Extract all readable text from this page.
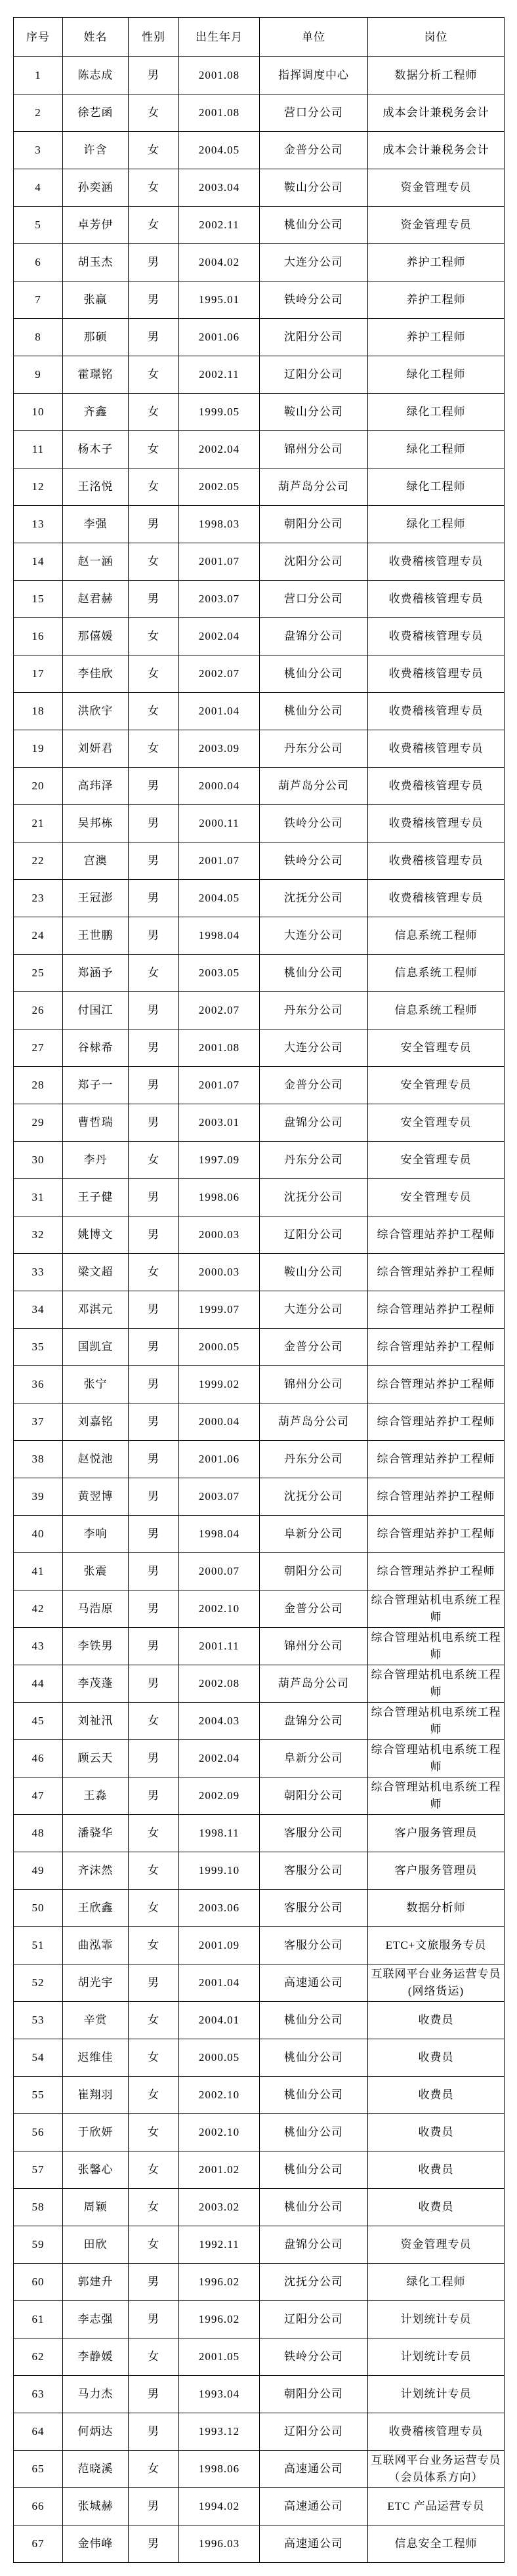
序号	姓名	性别	出生年月	单位	岗位
1	陈志成	男	2001.08	指挥调度中心	数据分析工程师
2	徐艺函	女	2001.08	营口分公司	成本会计兼税务会计
3	许含	女	2004.05	金普分公司	成本会计兼税务会计
4	孙奕涵	女	2003.04	鞍山分公司	资金管理专员
5	卓芳伊	女	2002.11	桃仙分公司	资金管理专员
6	胡玉杰	男	2004.02	大连分公司	养护工程师
7	张赢	男	1995.01	铁岭分公司	养护工程师
8	那硕	男	2001.06	沈阳分公司	养护工程师
9	霍璟铭	女	2002.11	辽阳分公司	绿化工程师
10	齐鑫	女	1999.05	鞍山分公司	绿化工程师
11	杨木子	女	2002.04	锦州分公司	绿化工程师
12	王洺悦	女	2002.05	葫芦岛分公司	绿化工程师
13	李强	男	1998.03	朝阳分公司	绿化工程师
14	赵一涵	女	2001.07	沈阳分公司	收费稽核管理专员
15	赵君赫	男	2003.07	营口分公司	收费稽核管理专员
16	那僖媛	女	2002.04	盘锦分公司	收费稽核管理专员
17	李佳欣	女	2002.07	桃仙分公司	收费稽核管理专员
18	洪欣宇	女	2001.04	桃仙分公司	收费稽核管理专员
19	刘妍君	女	2003.09	丹东分公司	收费稽核管理专员
20	高玮泽	男	2000.04	葫芦岛分公司	收费稽核管理专员
21	吴邦栋	男	2000.11	铁岭分公司	收费稽核管理专员
22	宫澳	男	2001.07	铁岭分公司	收费稽核管理专员
23	王冠澎	男	2004.05	沈抚分公司	收费稽核管理专员
24	王世鹏	男	1998.04	大连分公司	信息系统工程师
25	郑涵予	女	2003.05	桃仙分公司	信息系统工程师
26	付国江	男	2002.07	丹东分公司	信息系统工程师
27	谷梂希	男	2001.08	大连分公司	安全管理专员
28	郑子一	男	2001.07	金普分公司	安全管理专员
29	曹哲瑞	男	2003.01	盘锦分公司	安全管理专员
30	李丹	女	1997.09	丹东分公司	安全管理专员
31	王子健	男	1998.06	沈抚分公司	安全管理专员
32	姚博文	男	2000.03	辽阳分公司	综合管理站养护工程师
33	梁文超	女	2000.03	鞍山分公司	综合管理站养护工程师
34	邓淇元	男	1999.07	大连分公司	综合管理站养护工程师
35	国凯宣	男	2000.05	金普分公司	综合管理站养护工程师
36	张宁	男	1999.02	锦州分公司	综合管理站养护工程师
37	刘嘉铭	男	2000.04	葫芦岛分公司	综合管理站养护工程师
38	赵悦池	男	2001.06	丹东分公司	综合管理站养护工程师
39	黄翌博	男	2003.07	沈抚分公司	综合管理站养护工程师
40	李响	男	1998.04	阜新分公司	综合管理站养护工程师
41	张震	男	2000.07	朝阳分公司	综合管理站养护工程师
42	马浩原	男	2002.10	金普分公司	综合管理站机电系统工程师
43	李铁男	男	2001.11	锦州分公司	综合管理站机电系统工程师
44	李茂蓬	男	2002.08	葫芦岛分公司	综合管理站机电系统工程师
45	刘祉汛	女	2004.03	盘锦分公司	综合管理站机电系统工程师
46	顾云天	男	2002.04	阜新分公司	综合管理站机电系统工程师
47	王淼	男	2002.09	朝阳分公司	综合管理站机电系统工程师
48	潘骁华	女	1998.11	客服分公司	客户服务管理员
49	齐沫然	女	1999.10	客服分公司	客户服务管理员
50	王欣鑫	女	2003.06	客服分公司	数据分析师
51	曲泓霏	女	2001.09	客服分公司	ETC+文旅服务专员
52	胡光宇	男	2001.04	高速通公司	互联网平台业务运营专员(网络货运)
53	辛赏	女	2004.01	桃仙分公司	收费员
54	迟维佳	女	2000.05	桃仙分公司	收费员
55	崔翔羽	女	2002.10	桃仙分公司	收费员
56	于欣妍	女	2002.10	桃仙分公司	收费员
57	张馨心	女	2001.02	桃仙分公司	收费员
58	周颖	女	2003.02	桃仙分公司	收费员
59	田欣	女	1992.11	盘锦分公司	资金管理专员
60	郭建升	男	1996.02	沈抚分公司	绿化工程师
61	李志强	男	1996.02	辽阳分公司	计划统计专员
62	李静媛	女	2001.05	铁岭分公司	计划统计专员
63	马力杰	男	1993.04	朝阳分公司	计划统计专员
64	何炳达	男	1993.12	辽阳分公司	收费稽核管理专员
65	范晓溪	女	1998.06	高速通公司	互联网平台业务运营专员（会员体系方向）
66	张城赫	男	1994.02	高速通公司	ETC 产品运营专员
67	金伟峰	男	1996.03	高速通公司	信息安全工程师
